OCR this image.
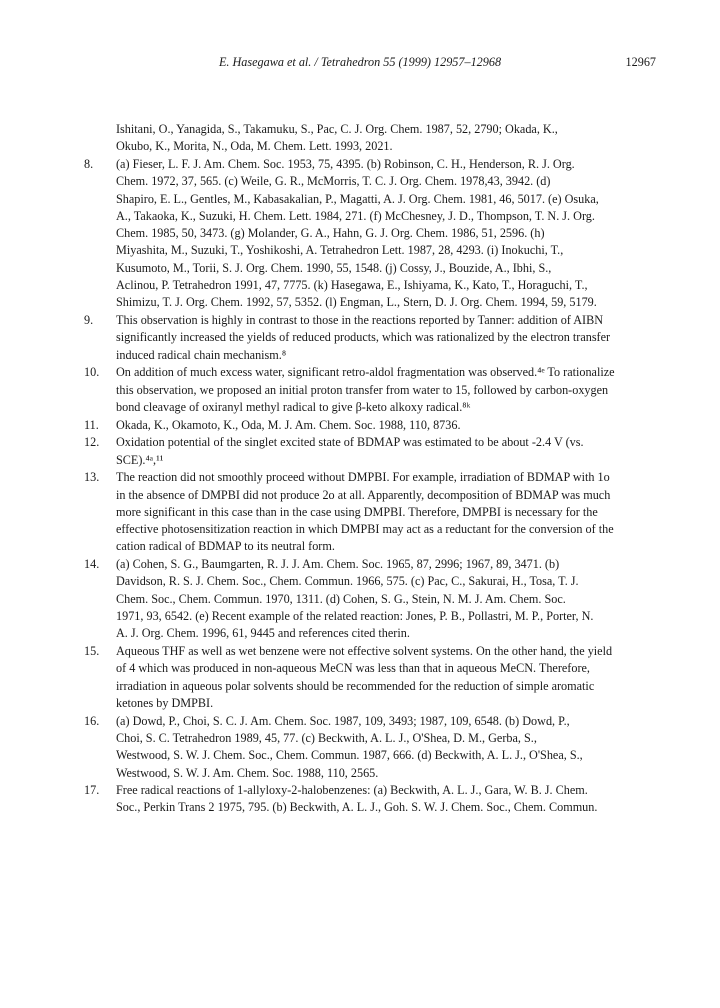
E. Hasegawa et al. / Tetrahedron 55 (1999) 12957–12968	12967
Ishitani, O., Yanagida, S., Takamuku, S., Pac, C. J. Org. Chem. 1987, 52, 2790; Okada, K.,
Okubo, K., Morita, N., Oda, M. Chem. Lett. 1993, 2021.
8. (a) Fieser, L. F. J. Am. Chem. Soc. 1953, 75, 4395. (b) Robinson, C. H., Henderson, R. J. Org.
Chem. 1972, 37, 565. (c) Weile, G. R., McMorris, T. C. J. Org. Chem. 1978,43, 3942. (d)
Shapiro, E. L., Gentles, M., Kabasakalian, P., Magatti, A. J. Org. Chem. 1981, 46, 5017. (e) Osuka,
A., Takaoka, K., Suzuki, H. Chem. Lett. 1984, 271. (f) McChesney, J. D., Thompson, T. N. J. Org.
Chem. 1985, 50, 3473. (g) Molander, G. A., Hahn, G. J. Org. Chem. 1986, 51, 2596. (h)
Miyashita, M., Suzuki, T., Yoshikoshi, A. Tetrahedron Lett. 1987, 28, 4293. (i) Inokuchi, T.,
Kusumoto, M., Torii, S. J. Org. Chem. 1990, 55, 1548. (j) Cossy, J., Bouzide, A., Ibhi, S.,
Aclinou, P. Tetrahedron 1991, 47, 7775. (k) Hasegawa, E., Ishiyama, K., Kato, T., Horaguchi, T.,
Shimizu, T. J. Org. Chem. 1992, 57, 5352. (l) Engman, L., Stern, D. J. Org. Chem. 1994, 59, 5179.
9. This observation is highly in contrast to those in the reactions reported by Tanner: addition of AIBN
significantly increased the yields of reduced products, which was rationalized by the electron transfer
induced radical chain mechanism.⁸
10. On addition of much excess water, significant retro-aldol fragmentation was observed.⁴ᵉ To rationalize
this observation, we proposed an initial proton transfer from water to 15, followed by carbon-oxygen
bond cleavage of oxiranyl methyl radical to give β-keto alkoxy radical.⁸ᵏ
11. Okada, K., Okamoto, K., Oda, M. J. Am. Chem. Soc. 1988, 110, 8736.
12. Oxidation potential of the singlet excited state of BDMAP was estimated to be about -2.4 V (vs.
SCE).⁴ᵃ,¹¹
13. The reaction did not smoothly proceed without DMPBI. For example, irradiation of BDMAP with 1o
in the absence of DMPBI did not produce 2o at all. Apparently, decomposition of BDMAP was much
more significant in this case than in the case using DMPBI. Therefore, DMPBI is necessary for the
effective photosensitization reaction in which DMPBI may act as a reductant for the conversion of the
cation radical of BDMAP to its neutral form.
14. (a) Cohen, S. G., Baumgarten, R. J. J. Am. Chem. Soc. 1965, 87, 2996; 1967, 89, 3471. (b)
Davidson, R. S. J. Chem. Soc., Chem. Commun. 1966, 575. (c) Pac, C., Sakurai, H., Tosa, T. J.
Chem. Soc., Chem. Commun. 1970, 1311. (d) Cohen, S. G., Stein, N. M. J. Am. Chem. Soc.
1971, 93, 6542. (e) Recent example of the related reaction: Jones, P. B., Pollastri, M. P., Porter, N.
A. J. Org. Chem. 1996, 61, 9445 and references cited therin.
15. Aqueous THF as well as wet benzene were not effective solvent systems. On the other hand, the yield
of 4 which was produced in non-aqueous MeCN was less than that in aqueous MeCN. Therefore,
irradiation in aqueous polar solvents should be recommended for the reduction of simple aromatic
ketones by DMPBI.
16. (a) Dowd, P., Choi, S. C. J. Am. Chem. Soc. 1987, 109, 3493; 1987, 109, 6548. (b) Dowd, P.,
Choi, S. C. Tetrahedron 1989, 45, 77. (c) Beckwith, A. L. J., O'Shea, D. M., Gerba, S.,
Westwood, S. W. J. Chem. Soc., Chem. Commun. 1987, 666. (d) Beckwith, A. L. J., O'Shea, S.,
Westwood, S. W. J. Am. Chem. Soc. 1988, 110, 2565.
17. Free radical reactions of 1-allyloxy-2-halobenzenes: (a) Beckwith, A. L. J., Gara, W. B. J. Chem.
Soc., Perkin Trans 2 1975, 795. (b) Beckwith, A. L. J., Goh. S. W. J. Chem. Soc., Chem. Commun.
